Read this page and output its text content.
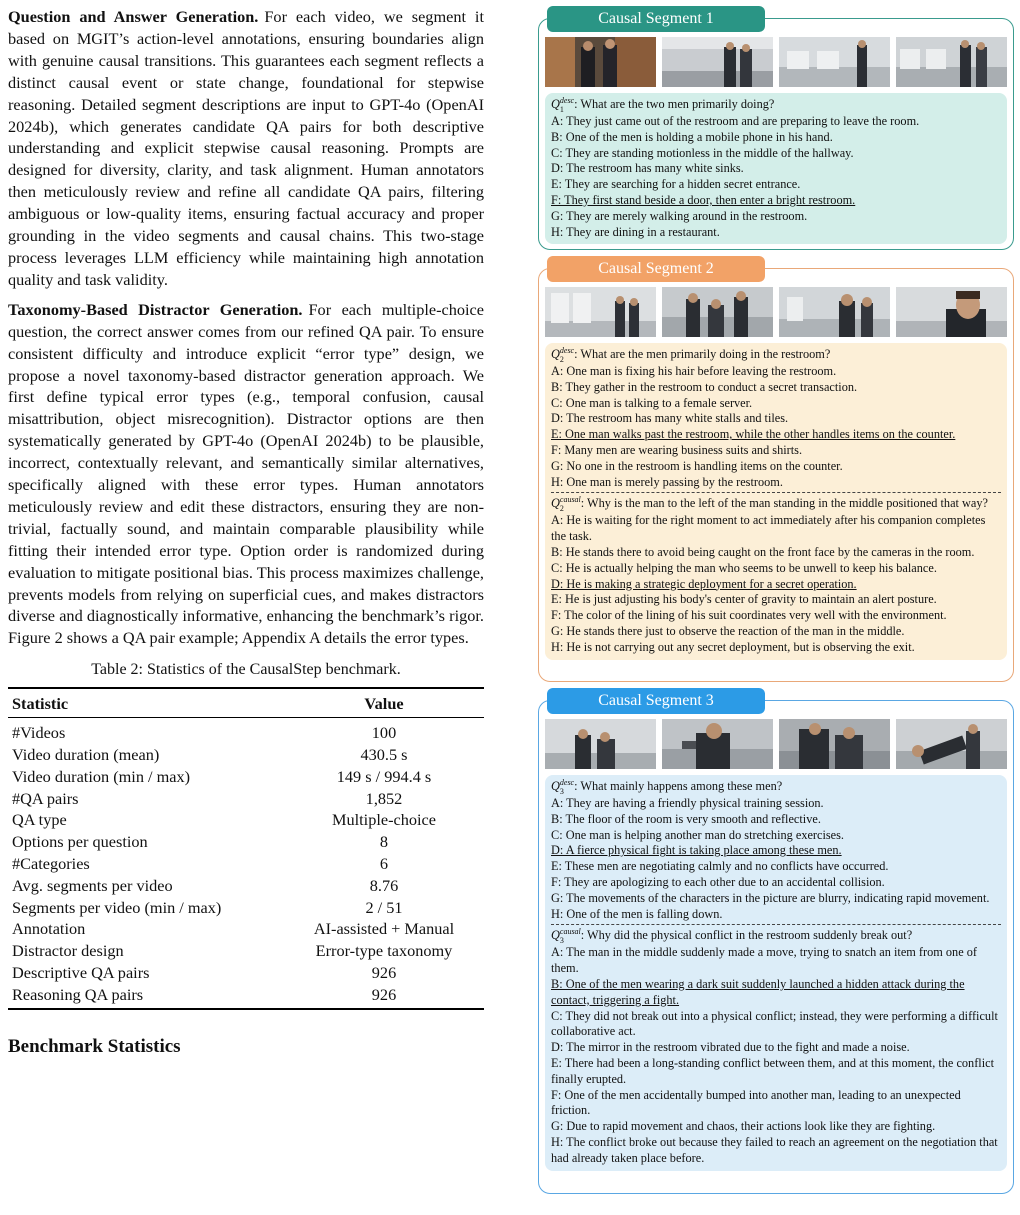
Question and Answer Generation. For each video, we segment it based on MGIT’s action-level annotations, ensuring boundaries align with genuine causal transitions. This guarantees each segment reflects a distinct causal event or state change, foundational for stepwise reasoning. Detailed segment descriptions are input to GPT-4o (OpenAI 2024b), which generates candidate QA pairs for both descriptive understanding and explicit stepwise causal reasoning. Prompts are designed for diversity, clarity, and task alignment. Human annotators then meticulously review and refine all candidate QA pairs, filtering ambiguous or low-quality items, ensuring factual accuracy and proper grounding in the video segments and causal chains. This two-stage process leverages LLM efficiency while maintaining high annotation quality and task validity.

Taxonomy-Based Distractor Generation. For each multiple-choice question, the correct answer comes from our refined QA pair. To ensure consistent difficulty and introduce explicit “error type” design, we propose a novel taxonomy-based distractor generation approach. We first define typical error types (e.g., temporal confusion, causal misattribution, object misrecognition). Distractor options are then systematically generated by GPT-4o (OpenAI 2024b) to be plausible, incorrect, contextually relevant, and semantically similar alternatives, specifically aligned with these error types. Human annotators meticulously review and edit these distractors, ensuring they are non-trivial, factually sound, and maintain comparable plausibility while fitting their intended error type. Option order is randomized during evaluation to mitigate positional bias. This process maximizes challenge, prevents models from relying on superficial cues, and makes distractors diverse and diagnostically informative, enhancing the benchmark’s rigor. Figure 2 shows a QA pair example; Appendix A details the error types.

Table 2: Statistics of the CausalStep benchmark.
Statistic	Value
#Videos	100
Video duration (mean)	430.5 s
Video duration (min / max)	149 s / 994.4 s
#QA pairs	1,852
QA type	Multiple-choice
Options per question	8
#Categories	6
Avg. segments per video	8.76
Segments per video (min / max)	2 / 51
Annotation	AI-assisted + Manual
Distractor design	Error-type taxonomy
Descriptive QA pairs	926
Reasoning QA pairs	926
Benchmark Statistics
Causal Segment 1

Q desc
1 : What are the two men primarily doing?

A: They just came out of the restroom and are preparing to leave the room.

B: One of the men is holding a mobile phone in his hand.

C: They are standing motionless in the middle of the hallway.

D: The restroom has many white sinks.

E: They are searching for a hidden secret entrance.

F: They first stand beside a door, then enter a bright restroom.

G: They are merely walking around in the restroom.

H: They are dining in a restaurant.

Causal Segment 2

Q desc
2 : What are the men primarily doing in the restroom?

A: One man is fixing his hair before leaving the restroom.

B: They gather in the restroom to conduct a secret transaction.

C: One man is talking to a female server.

D: The restroom has many white stalls and tiles.

E: One man walks past the restroom, while the other handles items on the counter.

F: Many men are wearing business suits and shirts.

G: No one in the restroom is handling items on the counter.

H: One man is merely passing by the restroom.

Q causal
2	: Why is the man to the left of the man standing in the middle positioned that way?

A: He is waiting for the right moment to act immediately after his companion completes the task.

B: He stands there to avoid being caught on the front face by the cameras in the room.

C: He is actually helping the man who seems to be unwell to keep his balance.

D: He is making a strategic deployment for a secret operation.

E: He is just adjusting his body's center of gravity to maintain an alert posture.

F: The color of the lining of his suit coordinates very well with the environment.

G: He stands there just to observe the reaction of the man in the middle.

H: He is not carrying out any secret deployment, but is observing the exit.

Causal Segment 3

Q desc
3 : What mainly happens among these men?

A: They are having a friendly physical training session.

B: The floor of the room is very smooth and reflective.

C: One man is helping another man do stretching exercises.

D: A fierce physical fight is taking place among these men.

E: These men are negotiating calmly and no conflicts have occurred.

F: They are apologizing to each other due to an accidental collision.

G: The movements of the characters in the picture are blurry, indicating rapid movement.

H: One of the men is falling down.

Q causal
3	: Why did the physical conflict in the restroom suddenly break out?

A: The man in the middle suddenly made a move, trying to snatch an item from one of them.

B: One of the men wearing a dark suit suddenly launched a hidden attack during the contact, triggering a fight.

C: They did not break out into a physical conflict; instead, they were performing a difficult collaborative act.

D: The mirror in the restroom vibrated due to the fight and made a noise.

E: There had been a long-standing conflict between them, and at this moment, the conflict finally erupted.

F: One of the men accidentally bumped into another man, leading to an unexpected friction.

G: Due to rapid movement and chaos, their actions look like they are fighting.

H: The conflict broke out because they failed to reach an agreement on the negotiation that had already taken place before.
